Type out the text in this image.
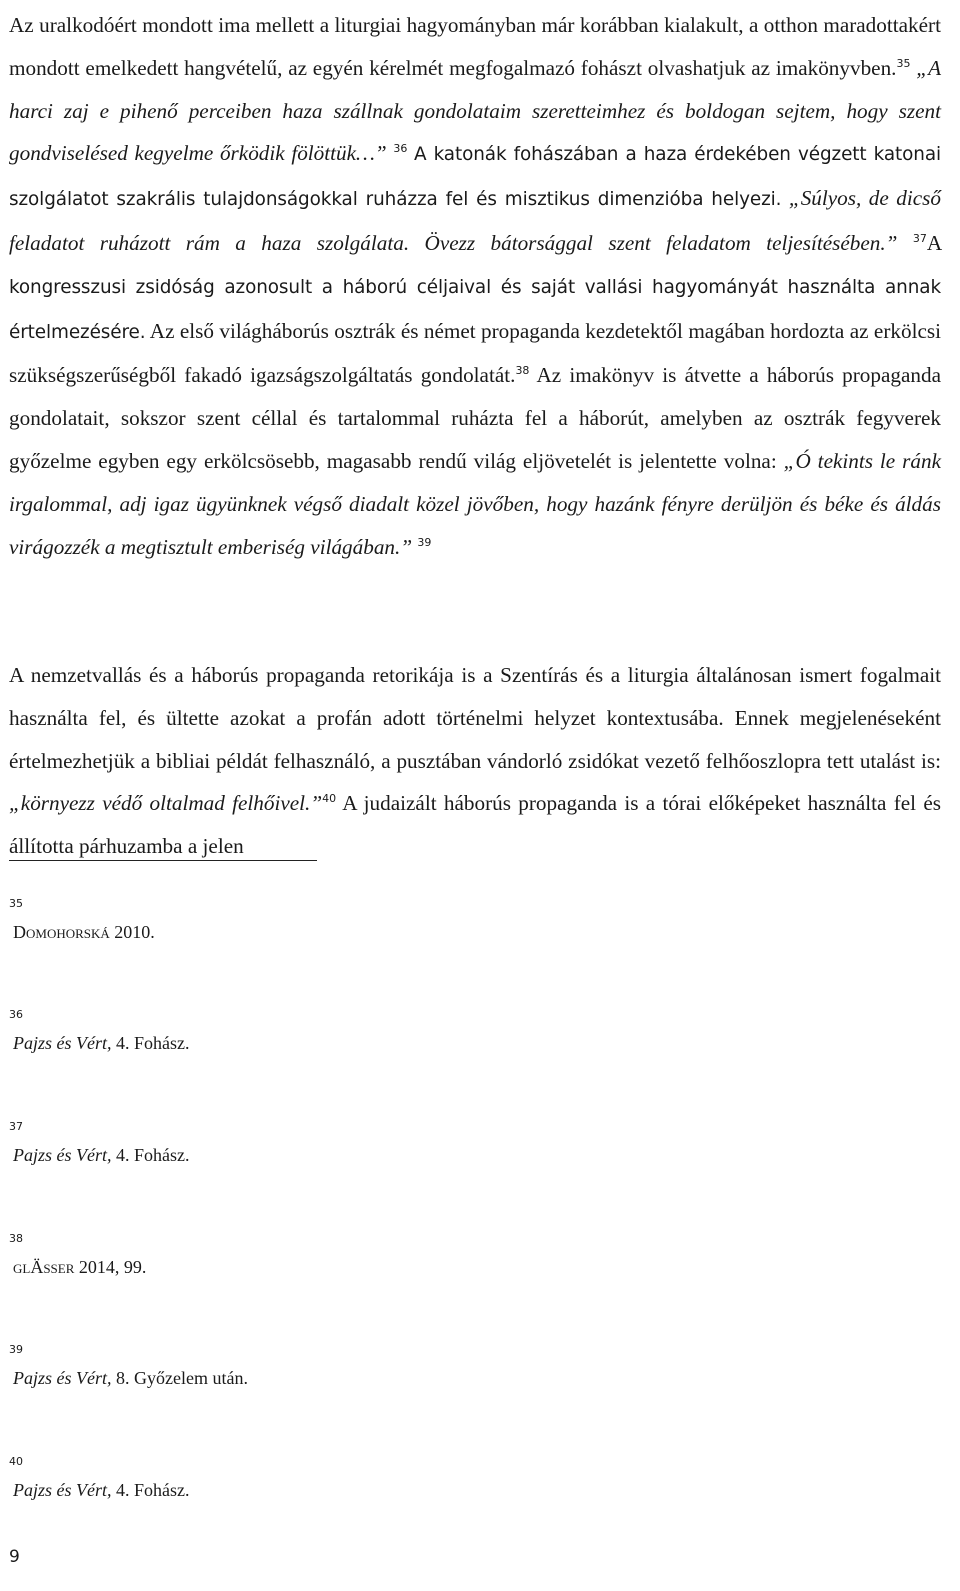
Az uralkodóért mondott ima mellett a liturgiai hagyományban már korábban kialakult, a otthon maradottakért mondott emelkedett hangvételű, az egyén kérelmét megfogalmazó fohászt olvashatjuk az imakönyvben.$^{35}$ „A harci zaj e pihenő perceiben haza szállnak gondolataim szeretteimhez és boldogan sejtem, hogy szent gondviselésed kegyelme őrködik fölöttük…” $^{36}$ A katonák fohászában a haza érdekében végzett katonai szolgálatot szakrális tulajdonságokkal ruházza fel és misztikus dimenzióba helyezi. „Súlyos, de dicső feladatot ruházott rám a haza szolgálata. Övezz bátorsággal szent feladatom teljesítésében.” $^{37}$A kongresszusi zsidóság azonosult a háború céljaival és saját vallási hagyományát használta annak értelmezésére. Az első világháborús osztrák és német propaganda kezdetektől magában hordozta az erkölcsi szükségszerűségből fakadó igazságszolgáltatás gondolatát.$^{38}$ Az imakönyv is átvette a háborús propaganda gondolatait, sokszor szent céllal és tartalommal ruházta fel a háborút, amelyben az osztrák fegyverek győzelme egyben egy erkölcsösebb, magasabb rendű világ eljövetelét is jelentette volna: „Ó tekints le ránk irgalommal, adj igaz ügyünknek végső diadalt közel jövőben, hogy hazánk fényre derüljön és béke és áldás virágozzék a megtisztult emberiség világában.” $^{39}$

A nemzetvallás és a háborús propaganda retorikája is a Szentírás és a liturgia általánosan ismert fogalmait használta fel, és ültette azokat a profán adott történelmi helyzet kontextusába. Ennek megjelenéseként értelmezhetjük a bibliai példát felhasználó, a pusztában vándorló zsidókat vezető felhőoszlopra tett utalást is: „környezz védő oltalmad felhőivel.”$^{40}$ A judaizált háborús propaganda is a tórai előképeket használta fel és állította párhuzamba a jelen

35
Domohorská 2010.
36
Pajzs és Vért, 4. Fohász.
37
Pajzs és Vért, 4. Fohász.
38
glÄsser 2014, 99.
39
Pajzs és Vért, 8. Győzelem után.
40
Pajzs és Vért, 4. Fohász.
9
